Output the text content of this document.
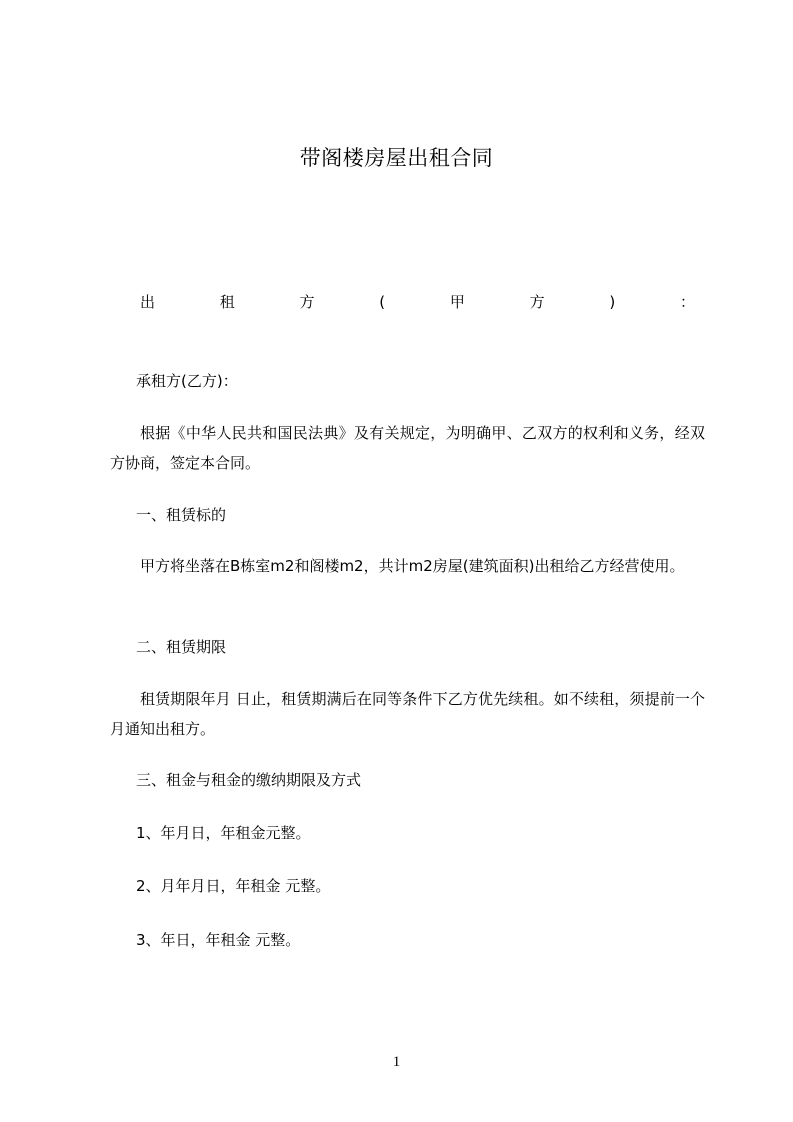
带阁楼房屋出租合同
出	租	方	(	甲	方	)	：
承租方(乙方)：
根据《中华人民共和国民法典》及有关规定，为明确甲、乙双方的权利和义务，经双方协商，签定本合同。
一、租赁标的
甲方将坐落在B栋室m2和阁楼m2，共计m2房屋(建筑面积)出租给乙方经营使用。
二、租赁期限
租赁期限年月 日止，租赁期满后在同等条件下乙方优先续租。如不续租，须提前一个月通知出租方。
三、租金与租金的缴纳期限及方式
1、年月日，年租金元整。
2、月年月日，年租金 元整。
3、年日，年租金 元整。
1
